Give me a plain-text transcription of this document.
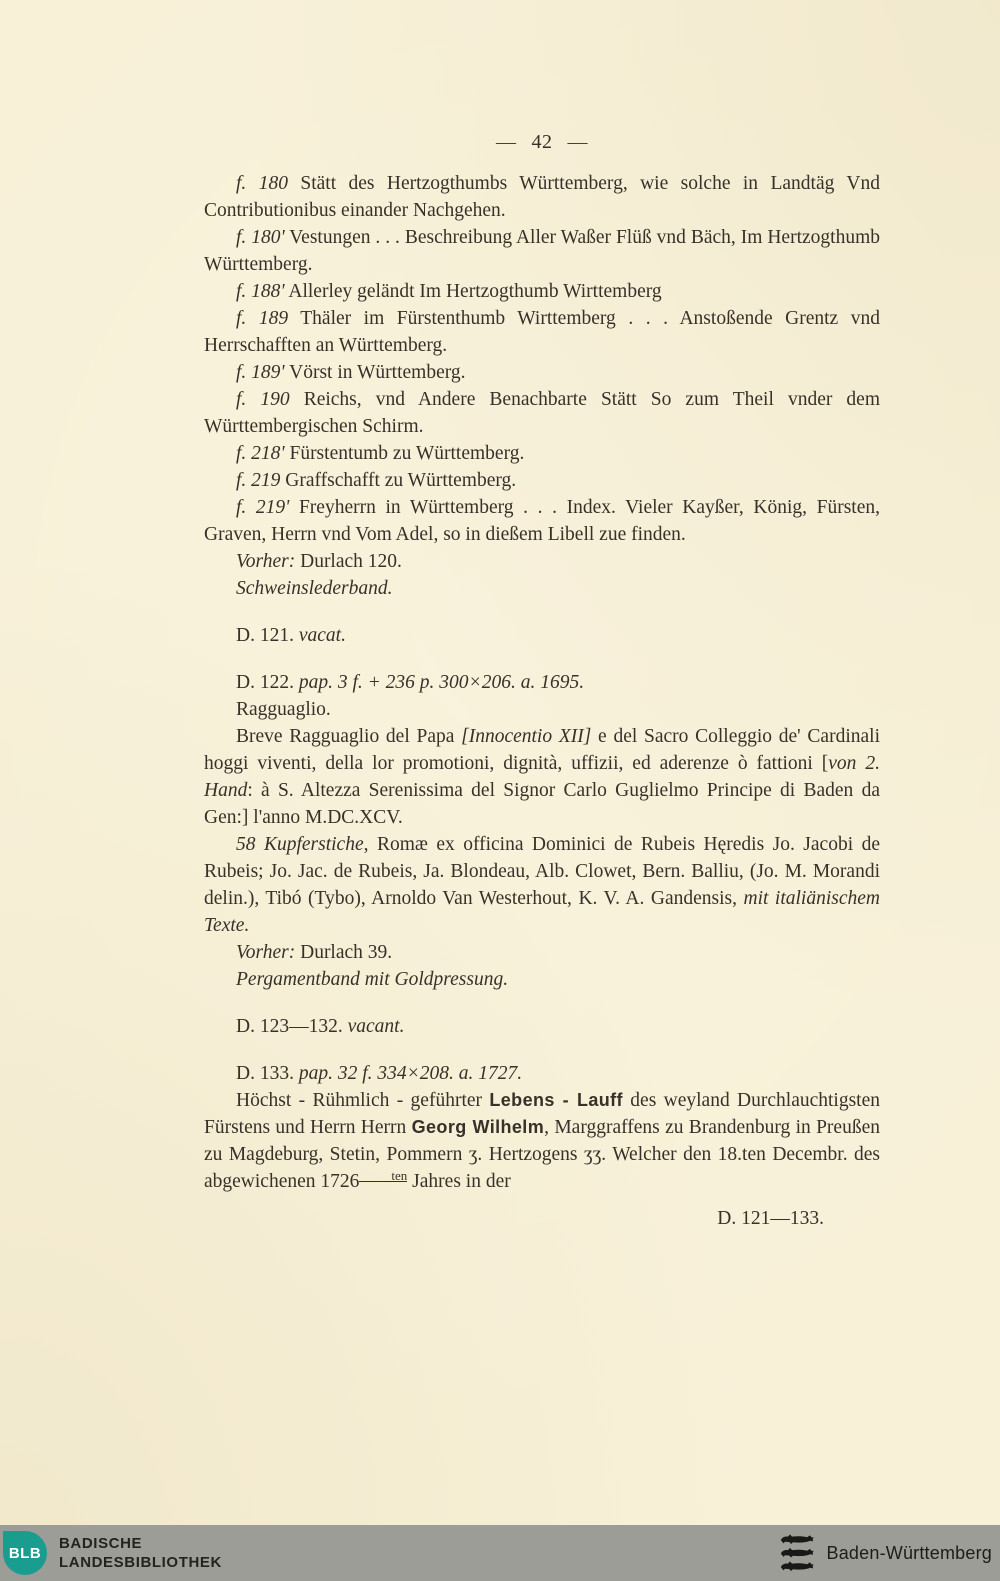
— 42 —

f. 180 Stätt des Hertzogthumbs Württemberg, wie solche in Landtäg Vnd Contributionibus einander Nachgehen.

f. 180' Vestungen . . . Beschreibung Aller Waßer Flüß vnd Bäch, Im Hertzogthumb Württemberg.

f. 188' Allerley geländt Im Hertzogthumb Wirttemberg

f. 189 Thäler im Fürstenthumb Wirttemberg . . . Anstoßende Grentz vnd Herrschafften an Württemberg.

f. 189' Vörst in Württemberg.

f. 190 Reichs, vnd Andere Benachbarte Stätt So zum Theil vnder dem Württembergischen Schirm.

f. 218' Fürstentumb zu Württemberg.

f. 219 Graffschafft zu Württemberg.

f. 219' Freyherrn in Württemberg . . . Index. Vieler Kayßer, König, Fürsten, Graven, Herrn vnd Vom Adel, so in dießem Libell zue finden.

Vorher: Durlach 120.

Schweinslederband.

D. 121. vacat.

D. 122. pap. 3 f. + 236 p. 300×206. a. 1695.

Ragguaglio.

Breve Ragguaglio del Papa [Innocentio XII] e del Sacro Colleggio de' Cardinali hoggi viventi, della lor promotioni, dignità, uffizii, ed aderenze ò fattioni [von 2. Hand: à S. Altezza Serenissima del Signor Carlo Guglielmo Principe di Baden da Gen:] l'anno M.DC.XCV.

58 Kupferstiche, Romæ ex officina Dominici de Rubeis Hęredis Jo. Jacobi de Rubeis; Jo. Jac. de Rubeis, Ja. Blondeau, Alb. Clowet, Bern. Balliu, (Jo. M. Morandi delin.), Tibó (Tybo), Arnoldo Van Westerhout, K. V. A. Gandensis, mit italiänischem Texte.

Vorher: Durlach 39.

Pergamentband mit Goldpressung.

D. 123—132. vacant.

D. 133. pap. 32 f. 334×208. a. 1727.

Höchst - Rühmlich - geführter Lebens - Lauff des weyland Durchlauchtigsten Fürstens und Herrn Herrn Georg Wilhelm, Marggraffens zu Brandenburg in Preußen zu Magdeburg, Stetin, Pommern ʒ. Hertzogens ʒʒ. Welcher den 18.ten Decembr. des abgewichenen 1726 ten Jahres in der

D. 121—133.

BLB
BADISCHE
LANDESBIBLIOTHEK	Baden-Württemberg
